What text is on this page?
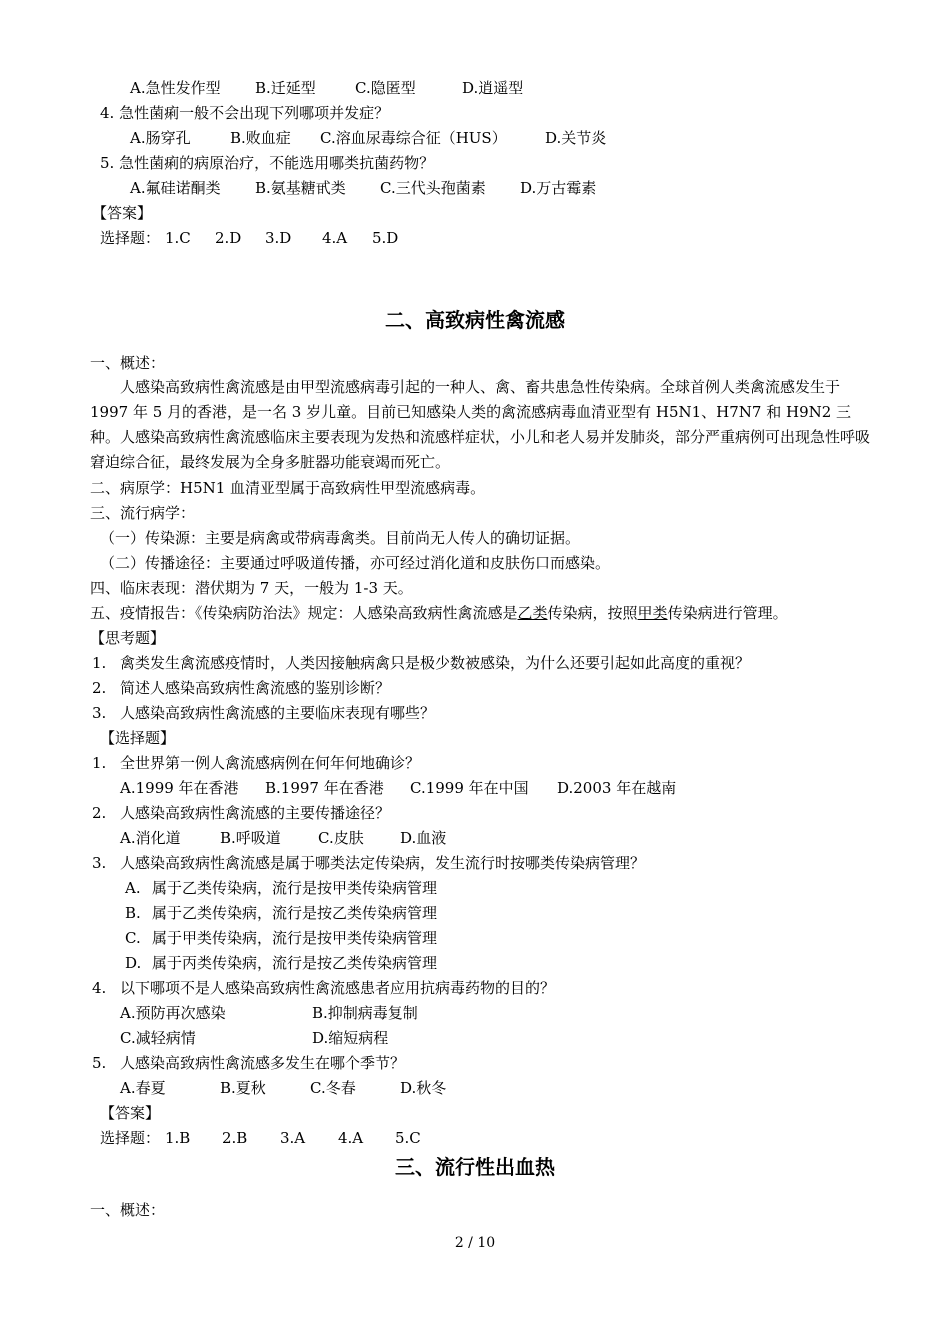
A.急性发作型 B.迁延型	C.隐匿型	D.逍遥型
4. 急性菌痢一般不会出现下列哪项并发症？
A.肠穿孔	B.败血症 C.溶血尿毒综合征（HUS）	D.关节炎
5. 急性菌痢的病原治疗，不能选用哪类抗菌药物？
A.氟硅诺酮类 B.氨基糖甙类 C.三代头孢菌素 D.万古霉素
【答案】
选择题： 1.C 2.D 3.D 4.A 5.D
二、高致病性禽流感
一、概述：
人感染高致病性禽流感是由甲型流感病毒引起的一种人、禽、畜共患急性传染病。全球首例人类禽流感发生于 1997 年 5 月的香港，是一名 3 岁儿童。目前已知感染人类的禽流感病毒血清亚型有 H5N1、H7N7 和 H9N2 三种。人感染高致病性禽流感临床主要表现为发热和流感样症状，小儿和老人易并发肺炎，部分严重病例可出现急性呼吸窘迫综合征，最终发展为全身多脏器功能衰竭而死亡。
二、病原学：H5N1 血清亚型属于高致病性甲型流感病毒。
三、流行病学：
（一）传染源：主要是病禽或带病毒禽类。目前尚无人传人的确切证据。
（二）传播途径：主要通过呼吸道传播，亦可经过消化道和皮肤伤口而感染。
四、临床表现：潜伏期为 7 天，一般为 1-3 天。
五、疫情报告：《传染病防治法》规定：人感染高致病性禽流感是乙类传染病，按照甲类传染病进行管理。
【思考题】
1. 禽类发生禽流感疫情时，人类因接触病禽只是极少数被感染，为什么还要引起如此高度的重视？
2. 简述人感染高致病性禽流感的鉴别诊断？
3. 人感染高致病性禽流感的主要临床表现有哪些？
【选择题】
1. 全世界第一例人禽流感病例在何年何地确诊？
A.1999 年在香港 B.1997 年在香港 C.1999 年在中国 D.2003 年在越南
2. 人感染高致病性禽流感的主要传播途径？
A.消化道	B.呼吸道 C.皮肤 D.血液
3. 人感染高致病性禽流感是属于哪类法定传染病，发生流行时按哪类传染病管理？
A. 属于乙类传染病，流行是按甲类传染病管理
B. 属于乙类传染病，流行是按乙类传染病管理
C. 属于甲类传染病，流行是按甲类传染病管理
D. 属于丙类传染病，流行是按乙类传染病管理
4. 以下哪项不是人感染高致病性禽流感患者应用抗病毒药物的目的？
A.预防再次感染	B.抑制病毒复制
C.减轻病情	D.缩短病程
5. 人感染高致病性禽流感多发生在哪个季节？
A.春夏	B.夏秋	C.冬春	D.秋冬
【答案】
选择题： 1.B 2.B 3.A 4.A 5.C
三、流行性出血热
一、概述：
2 / 10
